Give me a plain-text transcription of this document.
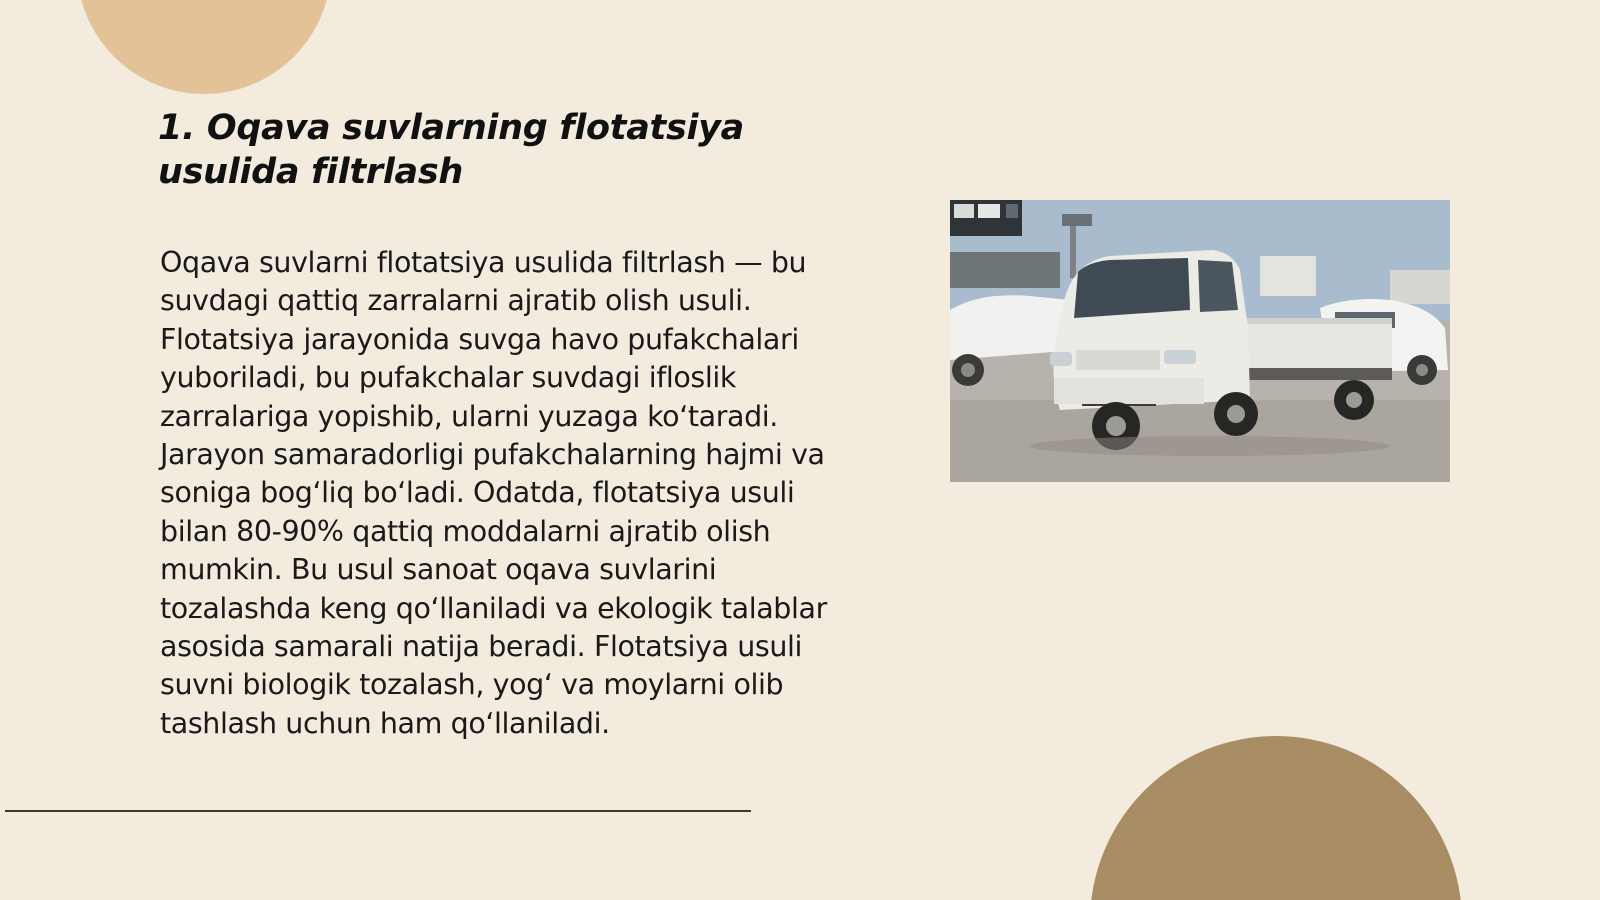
1. Oqava suvlarning flotatsiya usulida filtrlash

Oqava suvlarni flotatsiya usulida filtrlash — bu suvdagi qattiq zarralarni ajratib olish usuli. Flotatsiya jarayonida suvga havo pufakchalari yuboriladi, bu pufakchalar suvdagi ifloslik zarralariga yopishib, ularni yuzaga koʻtaradi. Jarayon samaradorligi pufakchalarning hajmi va soniga bogʻliq boʻladi. Odatda, flotatsiya usuli bilan 80-90% qattiq moddalarni ajratib olish mumkin. Bu usul sanoat oqava suvlarini tozalashda keng qoʻllaniladi va ekologik talablar asosida samarali natija beradi. Flotatsiya usuli suvni biologik tozalash, yogʻ va moylarni olib tashlash uchun ham qoʻllaniladi.
